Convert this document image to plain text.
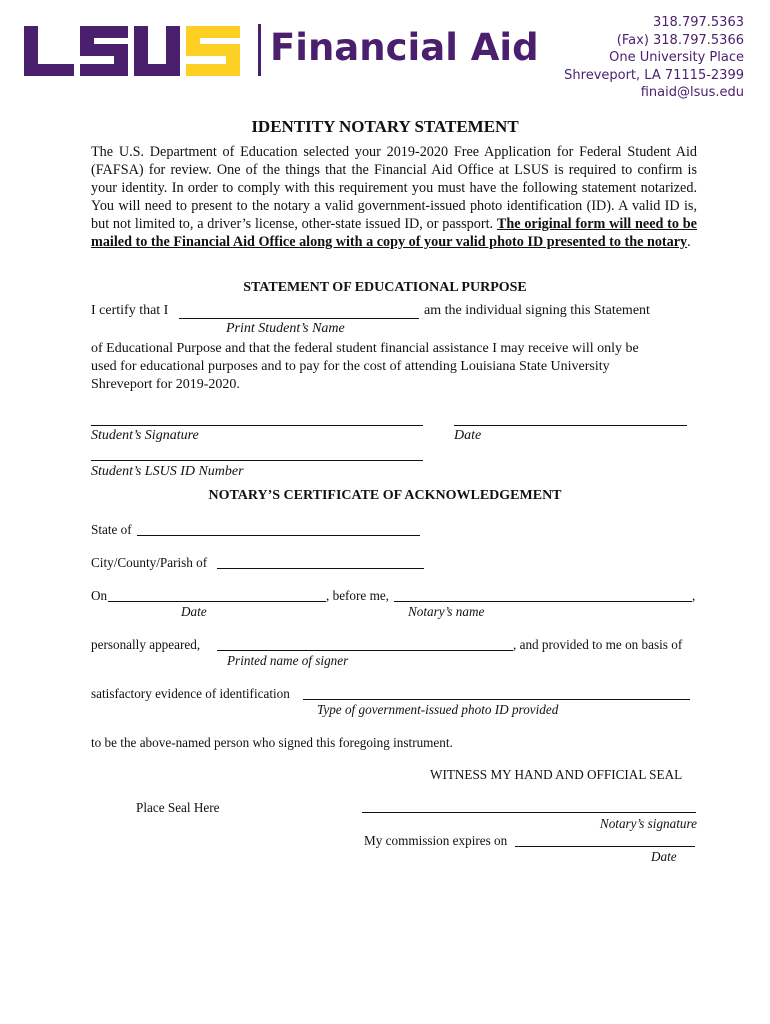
Financial Aid
318.797.5363
(Fax) 318.797.5366
One University Place
Shreveport, LA 71115-2399
finaid@lsus.edu
IDENTITY NOTARY STATEMENT
The U.S. Department of Education selected your 2019-2020 Free Application for Federal Student Aid (FAFSA) for review. One of the things that the Financial Aid Office at LSUS is required to confirm is your identity. In order to comply with this requirement you must have the following statement notarized. You will need to present to the notary a valid government-issued photo identification (ID). A valid ID is, but not limited to, a driver’s license, other-state issued ID, or passport. The original form will need to be mailed to the Financial Aid Office along with a copy of your valid photo ID presented to the notary.
STATEMENT OF EDUCATIONAL PURPOSE
I certify that I	am the individual signing this Statement
Print Student’s Name
of Educational Purpose and that the federal student financial assistance I may receive will only be
used for educational purposes and to pay for the cost of attending Louisiana State University
Shreveport for 2019-2020.
Student’s Signature	Date
Student’s LSUS ID Number
NOTARY’S CERTIFICATE OF ACKNOWLEDGEMENT
State of
City/County/Parish of
On	, before me,	,
Date	Notary’s name
personally appeared,	, and provided to me on basis of
Printed name of signer
satisfactory evidence of identification
Type of government-issued photo ID provided
to be the above-named person who signed this foregoing instrument.
WITNESS MY HAND AND OFFICIAL SEAL
Place Seal Here
Notary’s signature
My commission expires on
Date
